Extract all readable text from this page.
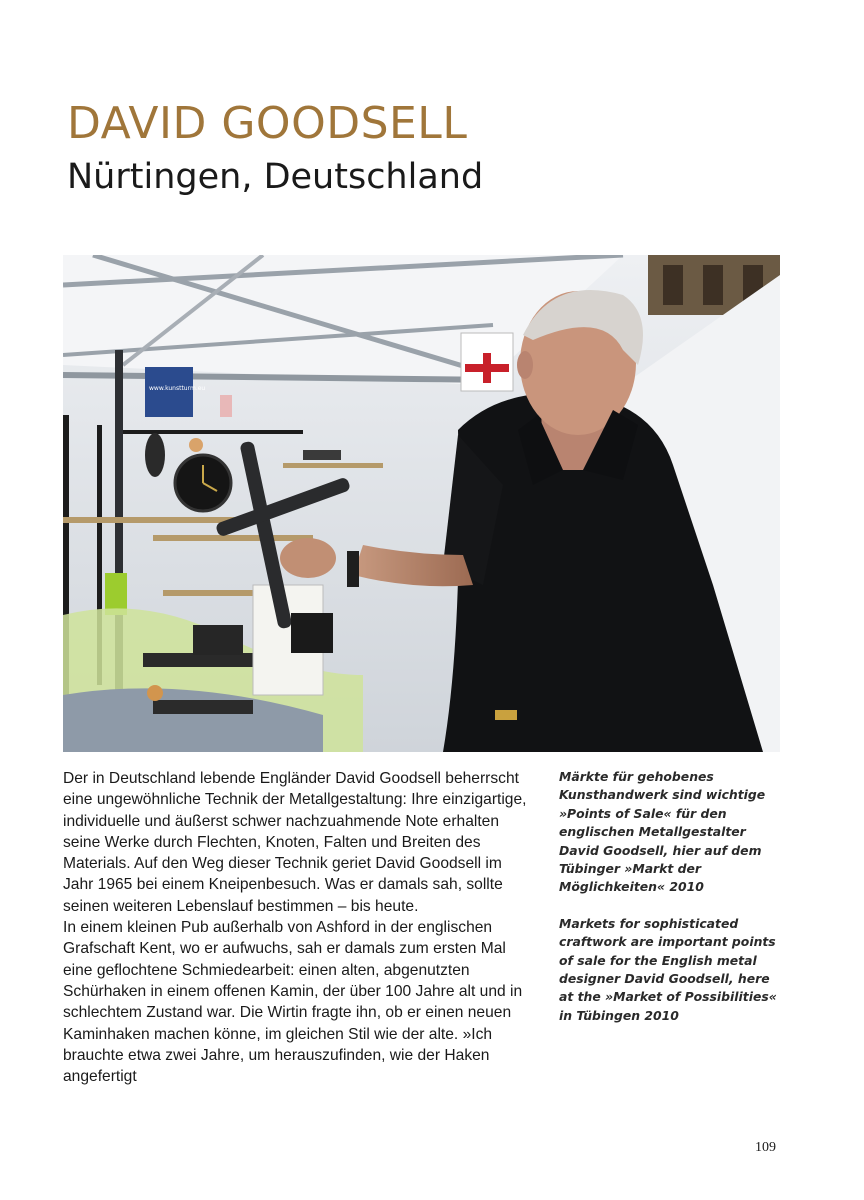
DAVID GOODSELL
Nürtingen, Deutschland
www.kunstturm.eu

Der in Deutschland lebende Engländer David Goodsell beherrscht eine ungewöhnliche Technik der Metallgestaltung: Ihre einzigartige, individuelle und äußerst schwer nachzuahmende Note erhalten seine Werke durch Flechten, Knoten, Falten und Breiten des Materials. Auf den Weg dieser Technik geriet David Goodsell im Jahr 1965 bei einem Kneipenbesuch. Was er damals sah, sollte seinen weiteren Lebenslauf bestimmen – bis heute.

In einem kleinen Pub außerhalb von Ashford in der englischen Grafschaft Kent, wo er aufwuchs, sah er damals zum ersten Mal eine geflochtene Schmiedearbeit: einen alten, abgenutzten Schürhaken in einem offenen Kamin, der über 100 Jahre alt und in schlechtem Zustand war. Die Wirtin fragte ihn, ob er einen neuen Kaminhaken machen könne, im gleichen Stil wie der alte. »Ich brauchte etwa zwei Jahre, um herauszufinden, wie der Haken angefertigt

Märkte für gehobenes Kunsthandwerk sind wichtige »Points of Sale« für den englischen Metallgestalter David Goodsell, hier auf dem Tübinger »Markt der Möglichkeiten« 2010

Markets for sophisticated craftwork are important points of sale for the English metal designer David Goodsell, here at the »Market of Possibilities« in Tübingen 2010

109
